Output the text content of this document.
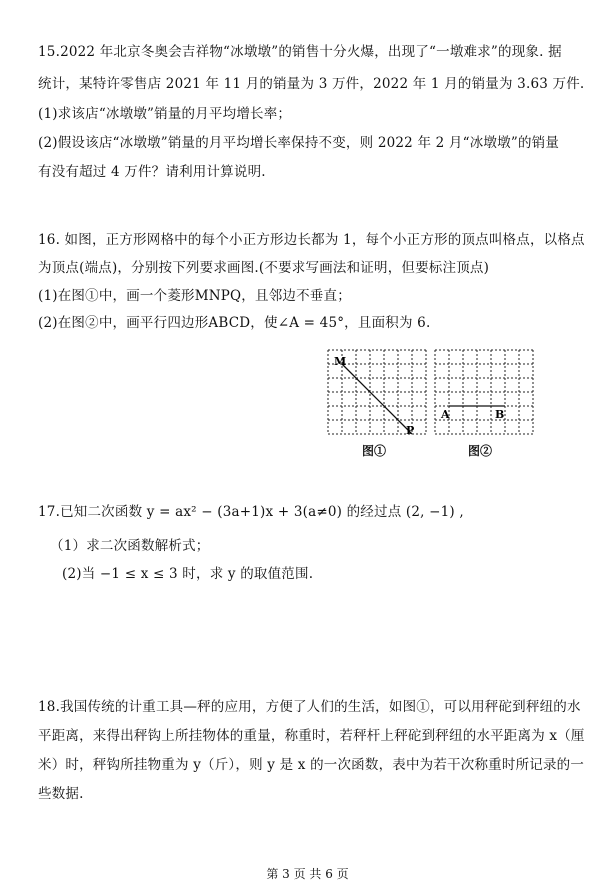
15.2022 年北京冬奥会吉祥物“冰墩墩”的销售十分火爆，出现了“一墩难求”的现象. 据
统计，某特许零售店 2021 年 11 月的销量为 3 万件，2022 年 1 月的销量为 3.63 万件.
(1)求该店“冰墩墩”销量的月平均增长率；
(2)假设该店“冰墩墩”销量的月平均增长率保持不变，则 2022 年 2 月“冰墩墩”的销量
有没有超过 4 万件？请利用计算说明.
16. 如图，正方形网格中的每个小正方形边长都为 1，每个小正方形的顶点叫格点，以格点
为顶点(端点)，分别按下列要求画图.(不要求写画法和证明，但要标注顶点)
(1)在图①中，画一个菱形MNPQ，且邻边不垂直；
(2)在图②中，画平行四边形ABCD，使∠A = 45°，且面积为 6.
M
P
图①
A	B
图②
17.已知二次函数 y = ax² − (3a+1)x + 3(a≠0) 的经过点 (2, −1) ,
（1）求二次函数解析式；
(2)当 −1 ≤ x ≤ 3 时，求 y 的取值范围.
18.我国传统的计重工具—秤的应用，方便了人们的生活，如图①，可以用秤砣到秤纽的水
平距离，来得出秤钩上所挂物体的重量，称重时，若秤杆上秤砣到秤纽的水平距离为 x（厘
米）时，秤钩所挂物重为 y（斤），则 y 是 x 的一次函数，表中为若干次称重时所记录的一
些数据.
第 3 页 共 6 页
